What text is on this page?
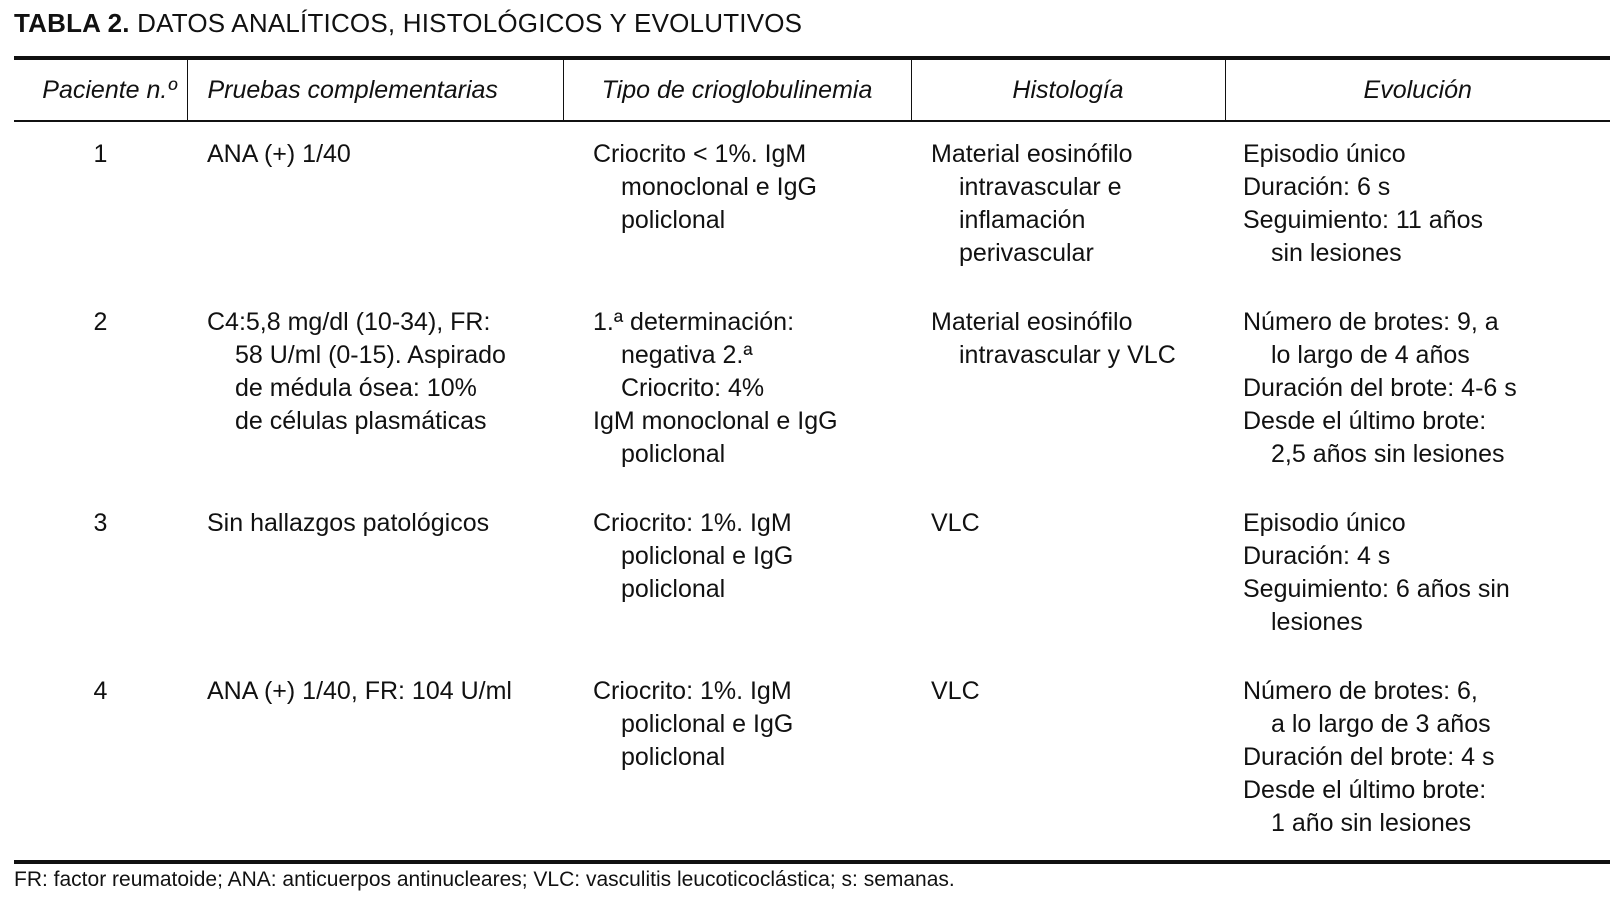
TABLA 2. DATOS ANALÍTICOS, HISTOLÓGICOS Y EVOLUTIVOS
Paciente n.º	Pruebas complementarias	Tipo de crioglobulinemia	Histología	Evolución
1	ANA (+) 1/40	Criocrito < 1%. IgM
monoclonal e IgG
policlonal	Material eosinófilo
intravascular e
inflamación
perivascular	Episodio único
Duración: 6 s
Seguimiento: 11 años
sin lesiones

2	C4:5,8 mg/dl (10-34), FR:
58 U/ml (0-15). Aspirado
de médula ósea: 10%
de células plasmáticas	1.ª determinación:
negativa 2.ª
Criocrito: 4%
IgM monoclonal e IgG
policlonal	Material eosinófilo
intravascular y VLC	Número de brotes: 9, a
lo largo de 4 años
Duración del brote: 4-6 s
Desde el último brote:
2,5 años sin lesiones

3	Sin hallazgos patológicos	Criocrito: 1%. IgM
policlonal e IgG
policlonal	VLC	Episodio único
Duración: 4 s
Seguimiento: 6 años sin
lesiones

4	ANA (+) 1/40, FR: 104 U/ml	Criocrito: 1%. IgM
policlonal e IgG
policlonal	VLC	Número de brotes: 6,
a lo largo de 3 años
Duración del brote: 4 s
Desde el último brote:
1 año sin lesiones
FR: factor reumatoide; ANA: anticuerpos antinucleares; VLC: vasculitis leucoticoclástica; s: semanas.
